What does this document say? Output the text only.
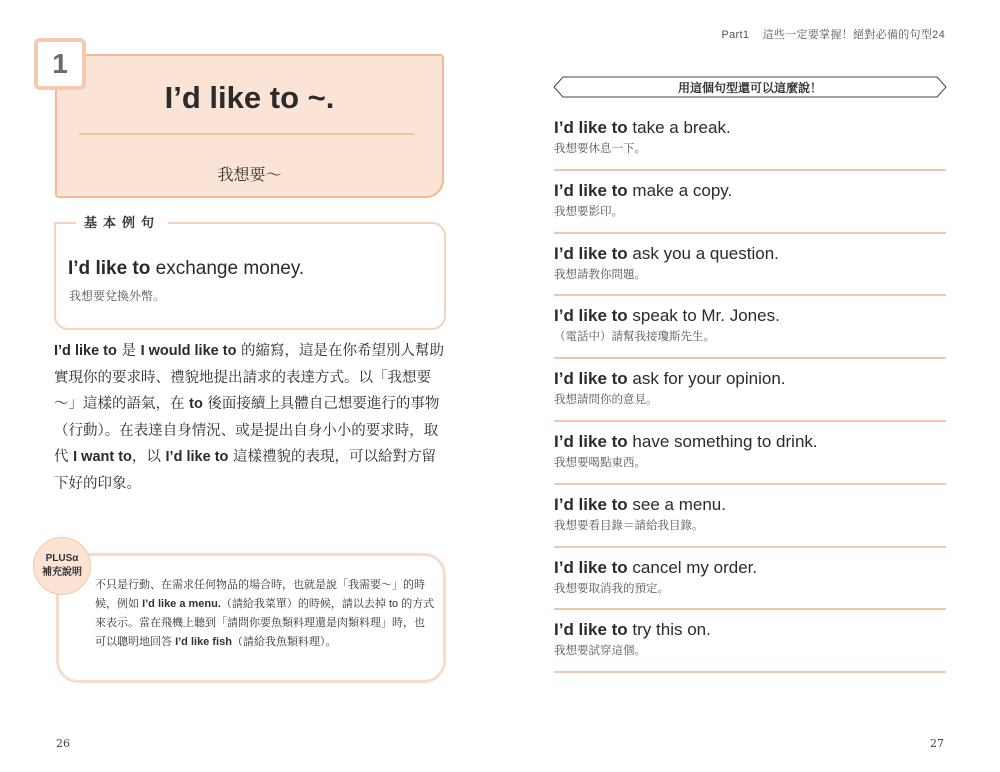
Part1 這些一定要掌握！絕對必備的句型24
1
I’d like to ~.
我想要～
基本例句
I’d like to exchange money.
我想要兌換外幣。
I’d like to 是 I would like to 的縮寫，這是在你希望別人幫助實現你的要求時、禮貌地提出請求的表達方式。以「我想要～」這樣的語氣，在 to 後面接續上具體自己想要進行的事物（行動）。在表達自身情況、或是提出自身小小的要求時，取代 I want to，以 I’d like to 這樣禮貌的表現，可以給對方留下好的印象。
PLUSα
補充說明
不只是行動、在需求任何物品的場合時，也就是說「我需要～」的時候，例如 I’d like a menu.（請給我菜單）的時候，請以去掉 to 的方式來表示。當在飛機上聽到「請問你要魚類料理還是肉類料理」時，也可以聰明地回答 I’d like fish（請給我魚類料理）。
26
用這個句型還可以這麼說！
I’d like to take a break.
我想要休息一下。
I’d like to make a copy.
我想要影印。
I’d like to ask you a question.
我想請教你問題。
I’d like to speak to Mr. Jones.
（電話中）請幫我接瓊斯先生。
I’d like to ask for your opinion.
我想請問你的意見。
I’d like to have something to drink.
我想要喝點東西。
I’d like to see a menu.
我想要看目錄＝請給我目錄。
I’d like to cancel my order.
我想要取消我的預定。
I’d like to try this on.
我想要試穿這個。
27
